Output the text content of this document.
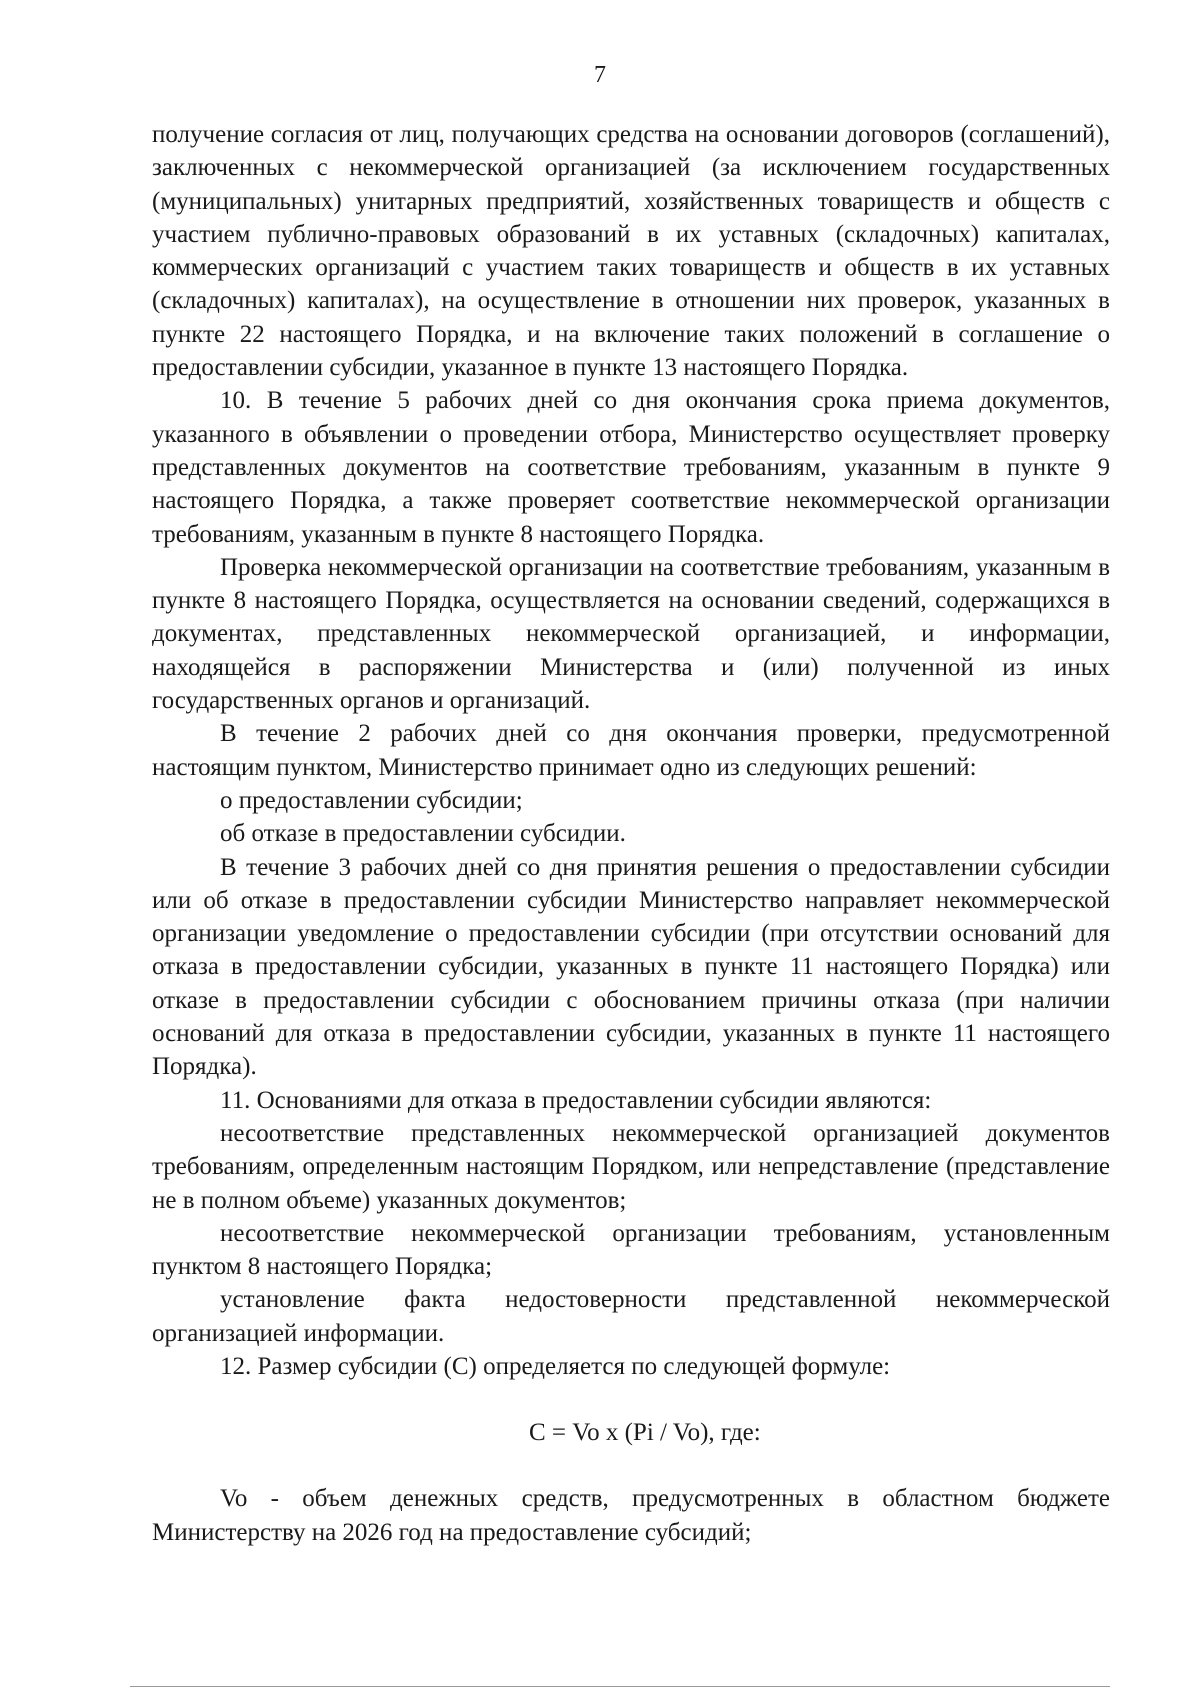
7

получение согласия от лиц, получающих средства на основании договоров (соглашений), заключенных с некоммерческой организацией (за исключением государственных (муниципальных) унитарных предприятий, хозяйственных товариществ и обществ с участием публично-правовых образований в их уставных (складочных) капиталах, коммерческих организаций с участием таких товариществ и обществ в их уставных (складочных) капиталах), на осуществление в отношении них проверок, указанных в пункте 22 настоящего Порядка, и на включение таких положений в соглашение о предоставлении субсидии, указанное в пункте 13 настоящего Порядка.

10. В течение 5 рабочих дней со дня окончания срока приема документов, указанного в объявлении о проведении отбора, Министерство осуществляет проверку представленных документов на соответствие требованиям, указанным в пункте 9 настоящего Порядка, а также проверяет соответствие некоммерческой организации требованиям, указанным в пункте 8 настоящего Порядка.

Проверка некоммерческой организации на соответствие требованиям, указанным в пункте 8 настоящего Порядка, осуществляется на основании сведений, содержащихся в документах, представленных некоммерческой организацией, и информации, находящейся в распоряжении Министерства и (или) полученной из иных государственных органов и организаций.

В течение 2 рабочих дней со дня окончания проверки, предусмотренной настоящим пунктом, Министерство принимает одно из следующих решений:

о предоставлении субсидии;

об отказе в предоставлении субсидии.

В течение 3 рабочих дней со дня принятия решения о предоставлении субсидии или об отказе в предоставлении субсидии Министерство направляет некоммерческой организации уведомление о предоставлении субсидии (при отсутствии оснований для отказа в предоставлении субсидии, указанных в пункте 11 настоящего Порядка) или отказе в предоставлении субсидии с обоснованием причины отказа (при наличии оснований для отказа в предоставлении субсидии, указанных в пункте 11 настоящего Порядка).

11. Основаниями для отказа в предоставлении субсидии являются:

несоответствие представленных некоммерческой организацией документов требованиям, определенным настоящим Порядком, или непредставление (представление не в полном объеме) указанных документов;

несоответствие некоммерческой организации требованиям, установленным пунктом 8 настоящего Порядка;

установление факта недостоверности представленной некоммерческой организацией информации.

12. Размер субсидии (С) определяется по следующей формуле:

С = Vo x (Pi / Vo), где:

Vo - объем денежных средств, предусмотренных в областном бюджете Министерству на 2026 год на предоставление субсидий;
